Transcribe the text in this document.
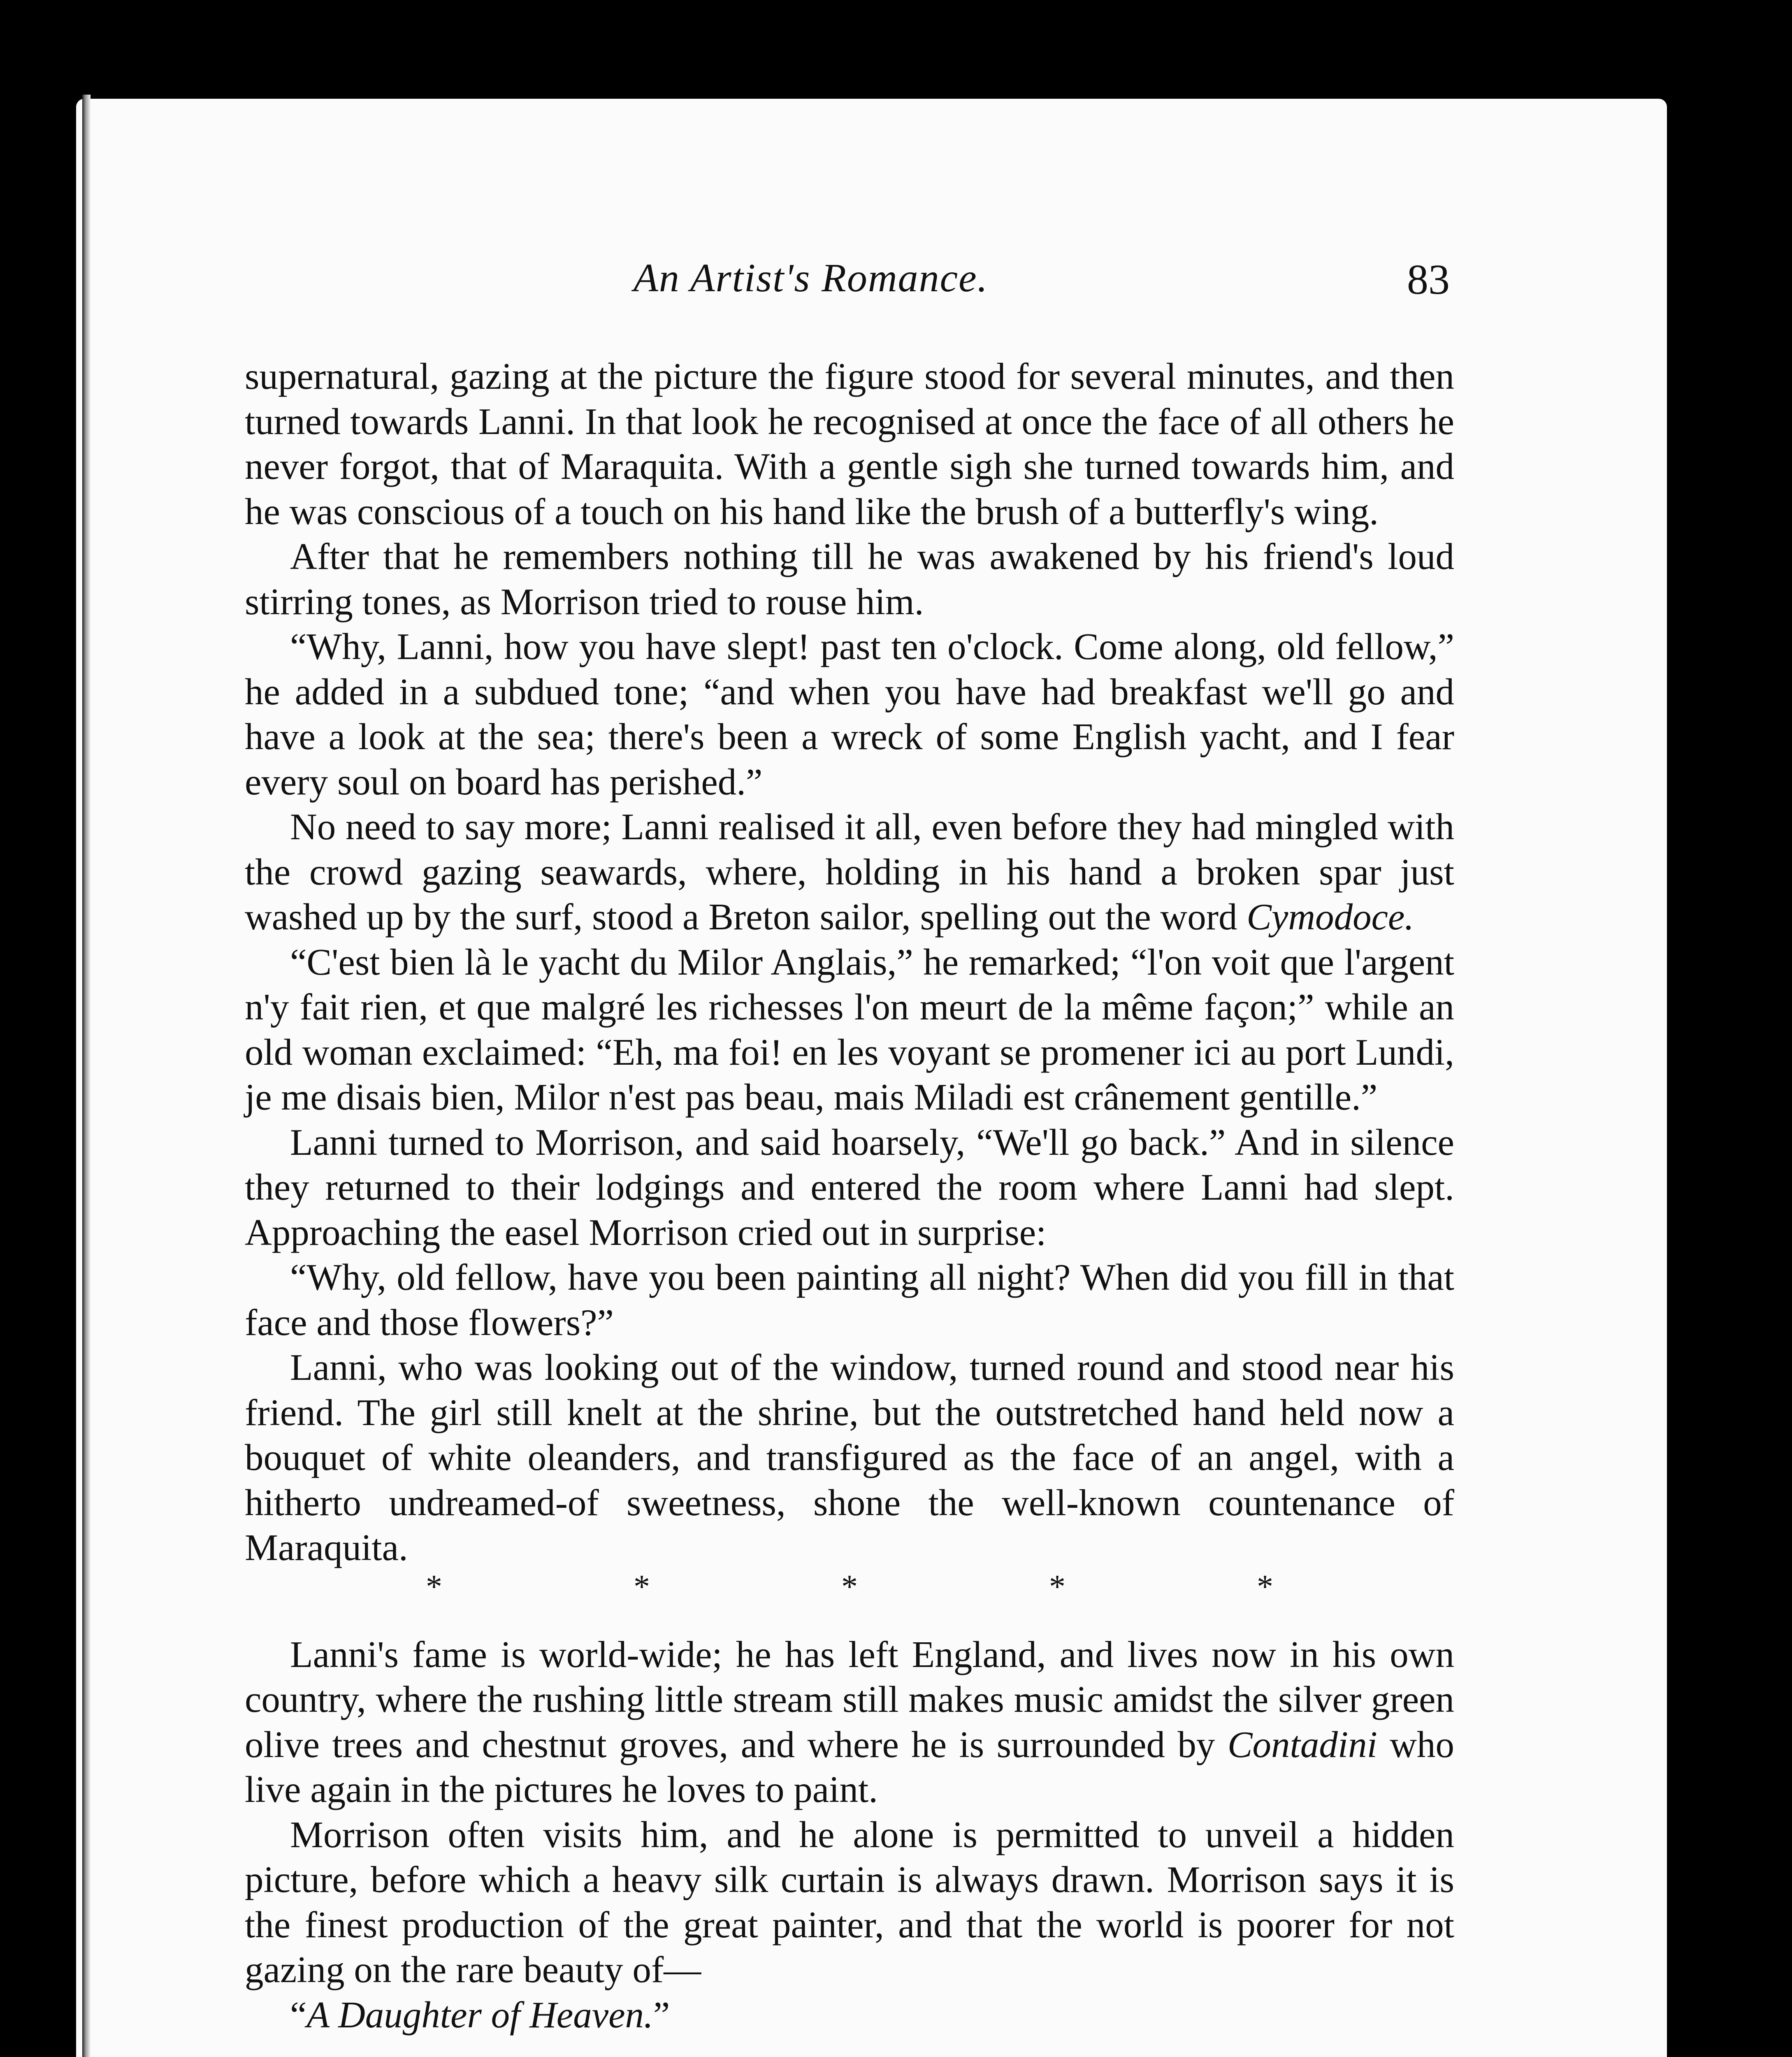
An Artist's Romance.	83

supernatural, gazing at the picture the figure stood for several minutes, and then turned towards Lanni. In that look he recognised at once the face of all others he never forgot, that of Maraquita. With a gentle sigh she turned towards him, and he was conscious of a touch on his hand like the brush of a butterfly's wing.

After that he remembers nothing till he was awakened by his friend's loud stirring tones, as Morrison tried to rouse him.

“Why, Lanni, how you have slept! past ten o'clock. Come along, old fellow,” he added in a subdued tone; “and when you have had breakfast we'll go and have a look at the sea; there's been a wreck of some English yacht, and I fear every soul on board has perished.”

No need to say more; Lanni realised it all, even before they had mingled with the crowd gazing seawards, where, holding in his hand a broken spar just washed up by the surf, stood a Breton sailor, spelling out the word Cymodoce.

“C'est bien là le yacht du Milor Anglais,” he remarked; “l'on voit que l'argent n'y fait rien, et que malgré les richesses l'on meurt de la même façon;” while an old woman exclaimed: “Eh, ma foi! en les voyant se promener ici au port Lundi, je me disais bien, Milor n'est pas beau, mais Miladi est crânement gentille.”

Lanni turned to Morrison, and said hoarsely, “We'll go back.” And in silence they returned to their lodgings and entered the room where Lanni had slept. Approaching the easel Morrison cried out in surprise:

“Why, old fellow, have you been painting all night? When did you fill in that face and those flowers?”

Lanni, who was looking out of the window, turned round and stood near his friend. The girl still knelt at the shrine, but the outstretched hand held now a bouquet of white oleanders, and transfigured as the face of an angel, with a hitherto undreamed-of sweetness, shone the well-known countenance of Maraquita.

*	*	*	*	*

Lanni's fame is world-wide; he has left England, and lives now in his own country, where the rushing little stream still makes music amidst the silver green olive trees and chestnut groves, and where he is surrounded by Contadini who live again in the pictures he loves to paint.

Morrison often visits him, and he alone is permitted to unveil a hidden picture, before which a heavy silk curtain is always drawn. Morrison says it is the finest production of the great painter, and that the world is poorer for not gazing on the rare beauty of—

“A Daughter of Heaven.”
